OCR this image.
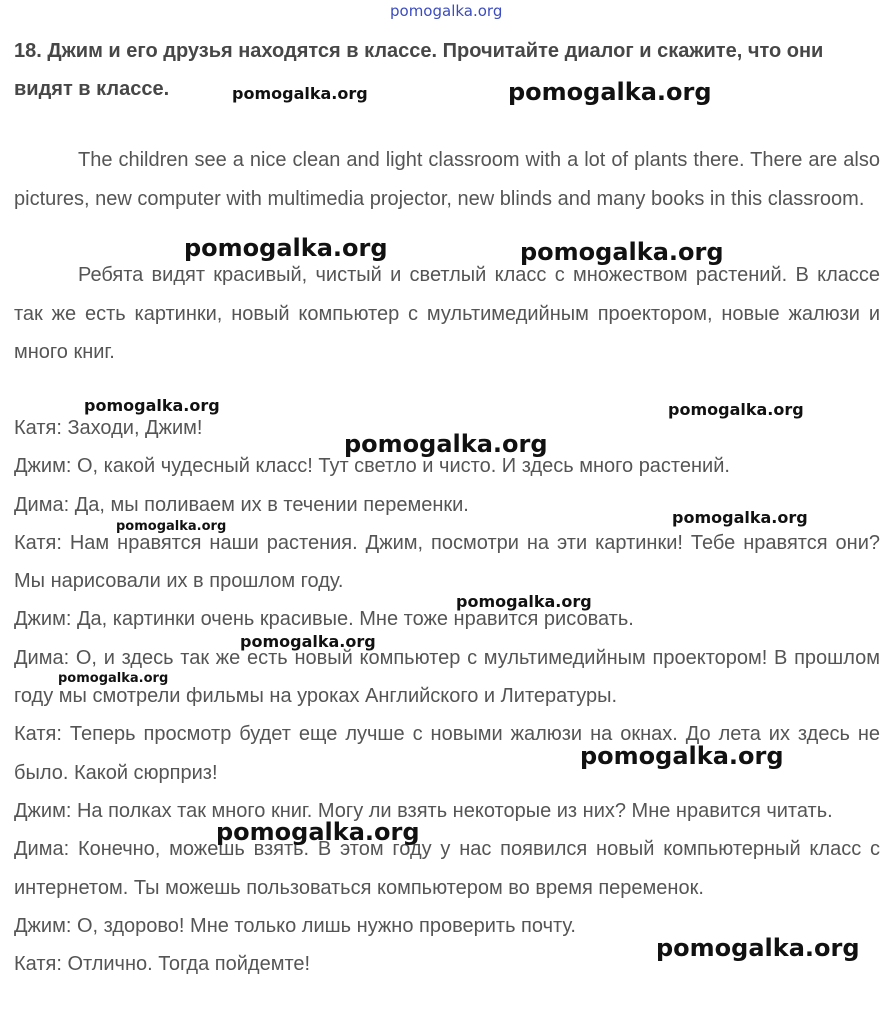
pomogalka.org
18. Джим и его друзья находятся в классе. Прочитайте диалог и скажите, что они видят в классе.

The children see a nice clean and light classroom with a lot of plants there. There are also pictures, new computer with multimedia projector, new blinds and many books in this classroom.

Ребята видят красивый, чистый и светлый класс с множеством растений. В классе так же есть картинки, новый компьютер с мультимедийным проектором, новые жалюзи и много книг.

Катя: Заходи, Джим!
Джим: О, какой чудесный класс! Тут светло и чисто. И здесь много растений.
Дима: Да, мы поливаем их в течении переменки.
Катя: Нам нравятся наши растения. Джим, посмотри на эти картинки! Тебе нравятся они? Мы нарисовали их в прошлом году.
Джим: Да, картинки очень красивые. Мне тоже нравится рисовать.
Дима: О, и здесь так же есть новый компьютер с мультимедийным проектором! В прошлом году мы смотрели фильмы на уроках Английского и Литературы.
Катя: Теперь просмотр будет еще лучше с новыми жалюзи на окнах. До лета их здесь не было. Какой сюрприз!
Джим: На полках так много книг. Могу ли взять некоторые из них? Мне нравится читать.
Дима: Конечно, можешь взять. В этом году у нас появился новый компьютерный класс с интернетом. Ты можешь пользоваться компьютером во время переменок.
Джим: О, здорово! Мне только лишь нужно проверить почту.
Катя: Отлично. Тогда пойдемте!
pomogalka.org	pomogalka.org
pomogalka.org	pomogalka.org
pomogalka.org	pomogalka.org
pomogalka.org
pomogalka.org	pomogalka.org
pomogalka.org
pomogalka.org
pomogalka.org
pomogalka.org
pomogalka.org
pomogalka.org
